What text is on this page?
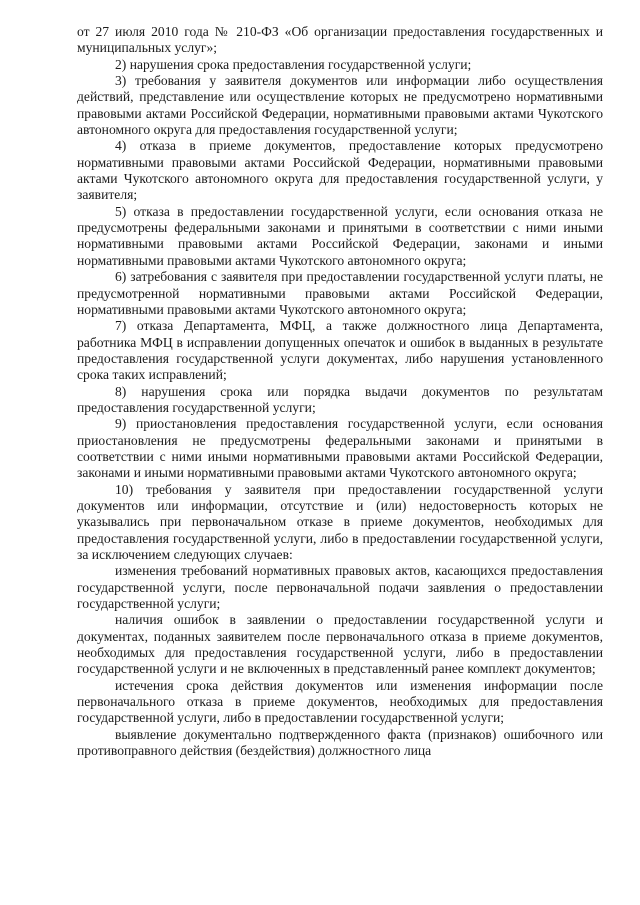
от 27 июля 2010 года № 210-ФЗ «Об организации предоставления государственных и муниципальных услуг»;

2) нарушения срока предоставления государственной услуги;

3) требования у заявителя документов или информации либо осуществления действий, представление или осуществление которых не предусмотрено нормативными правовыми актами Российской Федерации, нормативными правовыми актами Чукотского автономного округа для предоставления государственной услуги;

4) отказа в приеме документов, предоставление которых предусмотрено нормативными правовыми актами Российской Федерации, нормативными правовыми актами Чукотского автономного округа для предоставления государственной услуги, у заявителя;

5) отказа в предоставлении государственной услуги, если основания отказа не предусмотрены федеральными законами и принятыми в соответствии с ними иными нормативными правовыми актами Российской Федерации, законами и иными нормативными правовыми актами Чукотского автономного округа;

6) затребования с заявителя при предоставлении государственной услуги платы, не предусмотренной нормативными правовыми актами Российской Федерации, нормативными правовыми актами Чукотского автономного округа;

7) отказа Департамента, МФЦ, а также должностного лица Департамента, работника МФЦ в исправлении допущенных опечаток и ошибок в выданных в результате предоставления государственной услуги документах, либо нарушения установленного срока таких исправлений;

8) нарушения срока или порядка выдачи документов по результатам предоставления государственной услуги;

9) приостановления предоставления государственной услуги, если основания приостановления не предусмотрены федеральными законами и принятыми в соответствии с ними иными нормативными правовыми актами Российской Федерации, законами и иными нормативными правовыми актами Чукотского автономного округа;

10) требования у заявителя при предоставлении государственной услуги документов или информации, отсутствие и (или) недостоверность которых не указывались при первоначальном отказе в приеме документов, необходимых для предоставления государственной услуги, либо в предоставлении государственной услуги, за исключением следующих случаев:

изменения требований нормативных правовых актов, касающихся предоставления государственной услуги, после первоначальной подачи заявления о предоставлении государственной услуги;

наличия ошибок в заявлении о предоставлении государственной услуги и документах, поданных заявителем после первоначального отказа в приеме документов, необходимых для предоставления государственной услуги, либо в предоставлении государственной услуги и не включенных в представленный ранее комплект документов;

истечения срока действия документов или изменения информации после первоначального отказа в приеме документов, необходимых для предоставления государственной услуги, либо в предоставлении государственной услуги;

выявление документально подтвержденного факта (признаков) ошибочного или противоправного действия (бездействия) должностного лица
